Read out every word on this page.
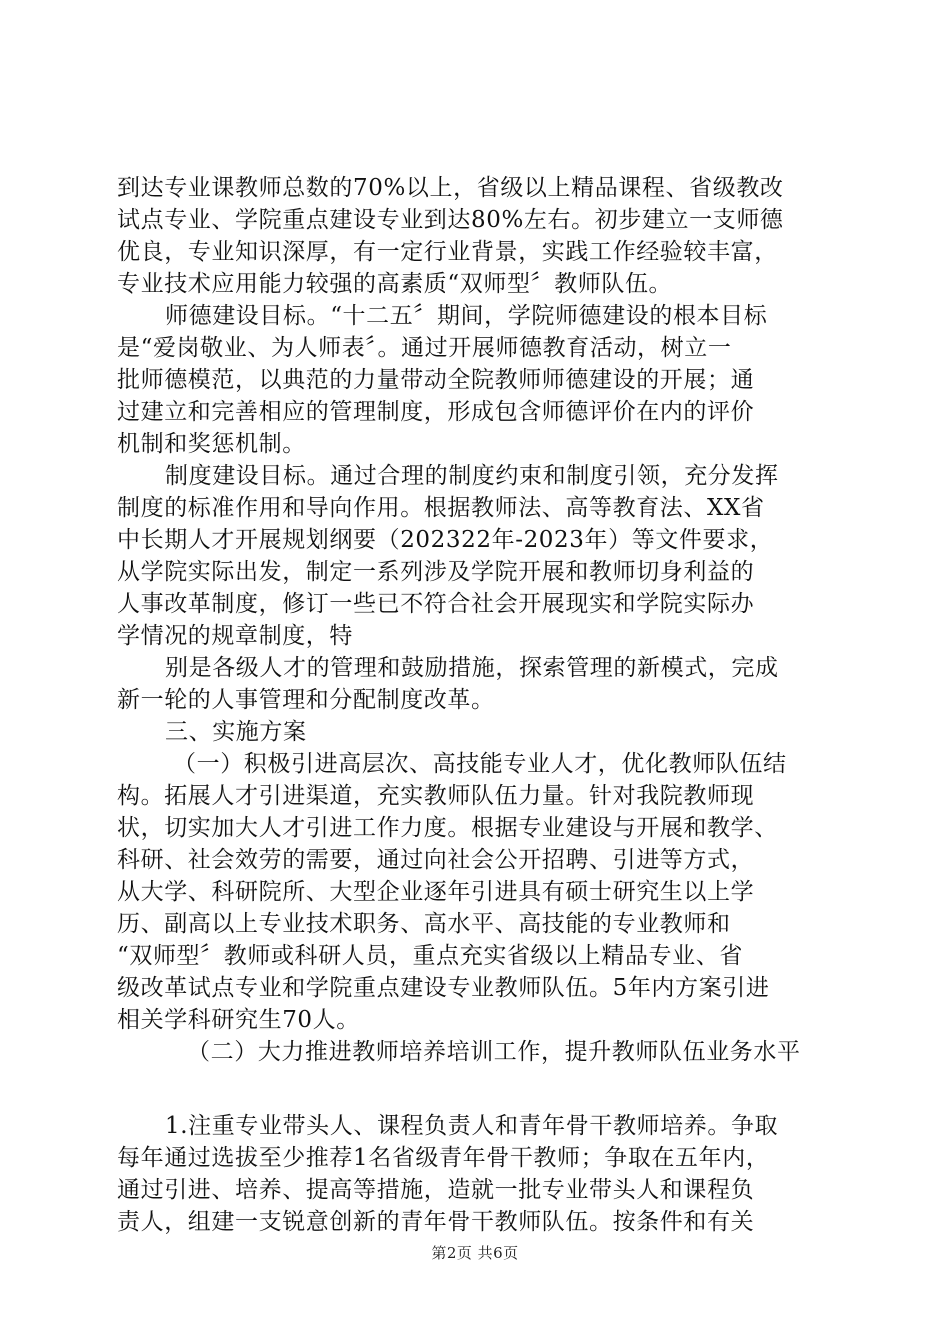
到达专业课教师总数的70%以上，省级以上精品课程、省级教改
试点专业、学院重点建设专业到达80%左右。初步建立一支师德
优良，专业知识深厚，有一定行业背景，实践工作经验较丰富，
专业技术应用能力较强的高素质“双师型〞教师队伍。
师德建设目标。“十二五〞期间，学院师德建设的根本目标
是“爱岗敬业、为人师表〞。通过开展师德教育活动，树立一
批师德模范，以典范的力量带动全院教师师德建设的开展；通
过建立和完善相应的管理制度，形成包含师德评价在内的评价
机制和奖惩机制。
制度建设目标。通过合理的制度约束和制度引领，充分发挥
制度的标准作用和导向作用。根据教师法、高等教育法、XX省
中长期人才开展规划纲要（202322年-2023年）等文件要求，
从学院实际出发，制定一系列涉及学院开展和教师切身利益的
人事改革制度，修订一些已不符合社会开展现实和学院实际办
学情况的规章制度，特
别是各级人才的管理和鼓励措施，探索管理的新模式，完成
新一轮的人事管理和分配制度改革。
三、实施方案
（一）积极引进高层次、高技能专业人才，优化教师队伍结
构。拓展人才引进渠道，充实教师队伍力量。针对我院教师现
状，切实加大人才引进工作力度。根据专业建设与开展和教学、
科研、社会效劳的需要，通过向社会公开招聘、引进等方式，
从大学、科研院所、大型企业逐年引进具有硕士研究生以上学
历、副高以上专业技术职务、高水平、高技能的专业教师和
“双师型〞教师或科研人员，重点充实省级以上精品专业、省
级改革试点专业和学院重点建设专业教师队伍。5年内方案引进
相关学科研究生70人。
（二）大力推进教师培养培训工作，提升教师队伍业务水平
1.注重专业带头人、课程负责人和青年骨干教师培养。争取
每年通过选拔至少推荐1名省级青年骨干教师；争取在五年内，
通过引进、培养、提高等措施，造就一批专业带头人和课程负
责人，组建一支锐意创新的青年骨干教师队伍。按条件和有关
第2页 共6页
